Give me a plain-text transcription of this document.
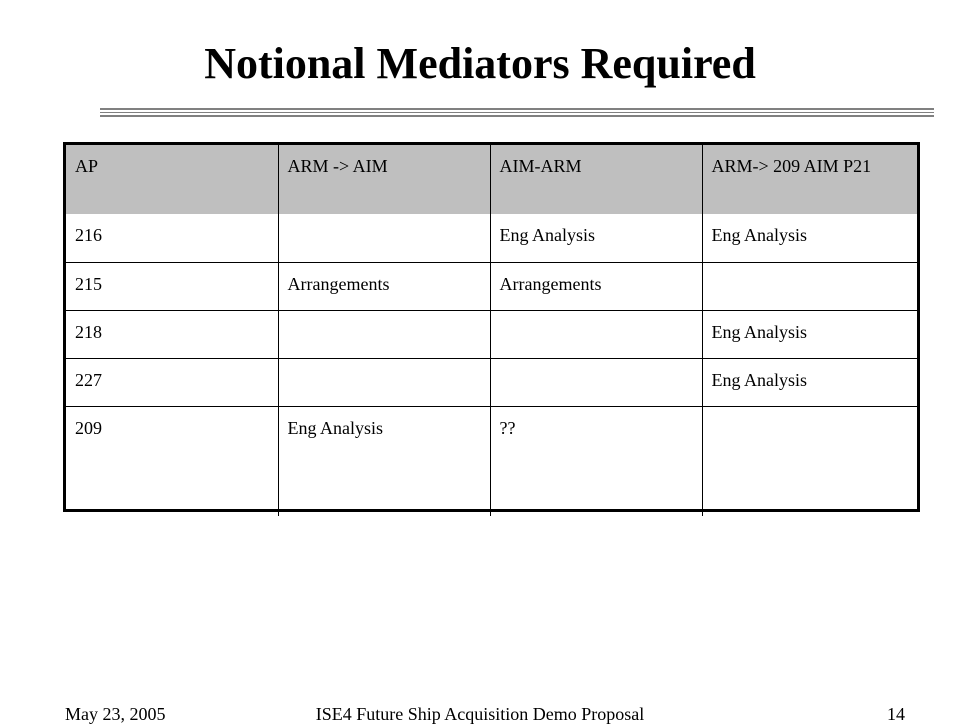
Notional Mediators Required
AP	ARM -> AIM	AIM-ARM	ARM-> 209 AIM P21
216		Eng Analysis	Eng Analysis
215	Arrangements	Arrangements	
218			Eng Analysis
227			Eng Analysis
209	Eng Analysis	??	
May 23, 2005	ISE4 Future Ship Acquisition Demo Proposal	14
